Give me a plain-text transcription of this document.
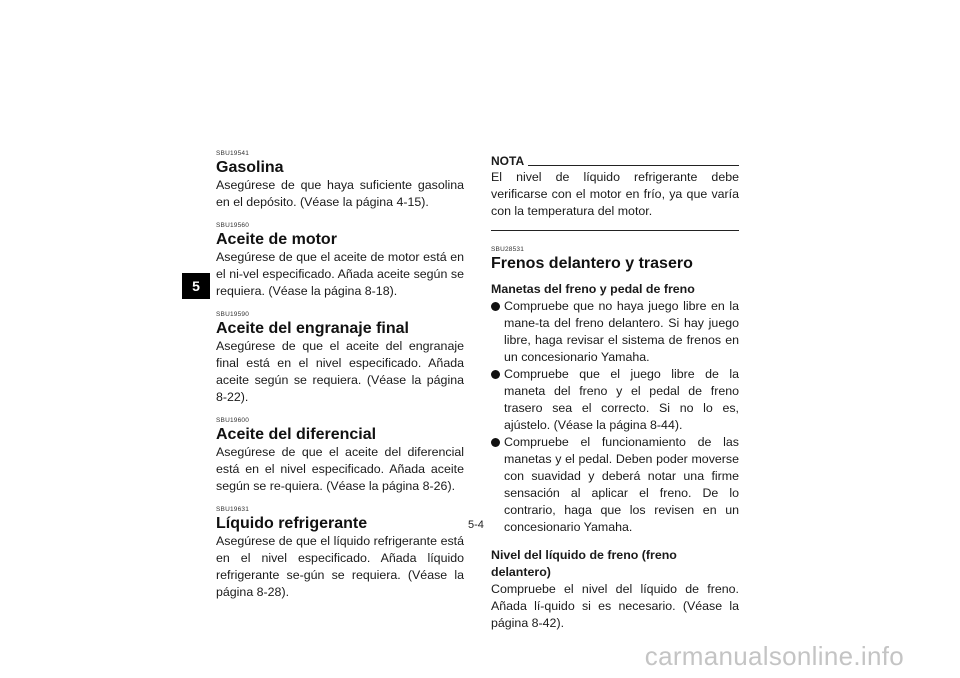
5
SBU19541
Gasolina

Asegúrese de que haya suficiente gasolina en el depósito. (Véase la página 4-15).

SBU19560
Aceite de motor

Asegúrese de que el aceite de motor está en el ni-vel especificado. Añada aceite según se requiera. (Véase la página 8-18).

SBU19590
Aceite del engranaje final

Asegúrese de que el aceite del engranaje final está en el nivel especificado. Añada aceite según se requiera. (Véase la página 8-22).

SBU19600
Aceite del diferencial

Asegúrese de que el aceite del diferencial está en el nivel especificado. Añada aceite según se re-quiera. (Véase la página 8-26).

SBU19631
Líquido refrigerante

Asegúrese de que el líquido refrigerante está en el nivel especificado. Añada líquido refrigerante se-gún se requiera. (Véase la página 8-28).

NOTA

El nivel de líquido refrigerante debe verificarse con el motor en frío, ya que varía con la temperatura del motor.

SBU28531
Frenos delantero y trasero
Manetas del freno y pedal de freno
Compruebe que no haya juego libre en la mane-ta del freno delantero. Si hay juego libre, haga revisar el sistema de frenos en un concesionario Yamaha.
Compruebe que el juego libre de la maneta del freno y el pedal de freno trasero sea el correcto. Si no lo es, ajústelo. (Véase la página 8-44).
Compruebe el funcionamiento de las manetas y el pedal. Deben poder moverse con suavidad y deberá notar una firme sensación al aplicar el freno. De lo contrario, haga que los revisen en un concesionario Yamaha.
Nivel del líquido de freno (freno delantero)

Compruebe el nivel del líquido de freno. Añada lí-quido si es necesario. (Véase la página 8-42).

5-4
carmanualsonline.info
